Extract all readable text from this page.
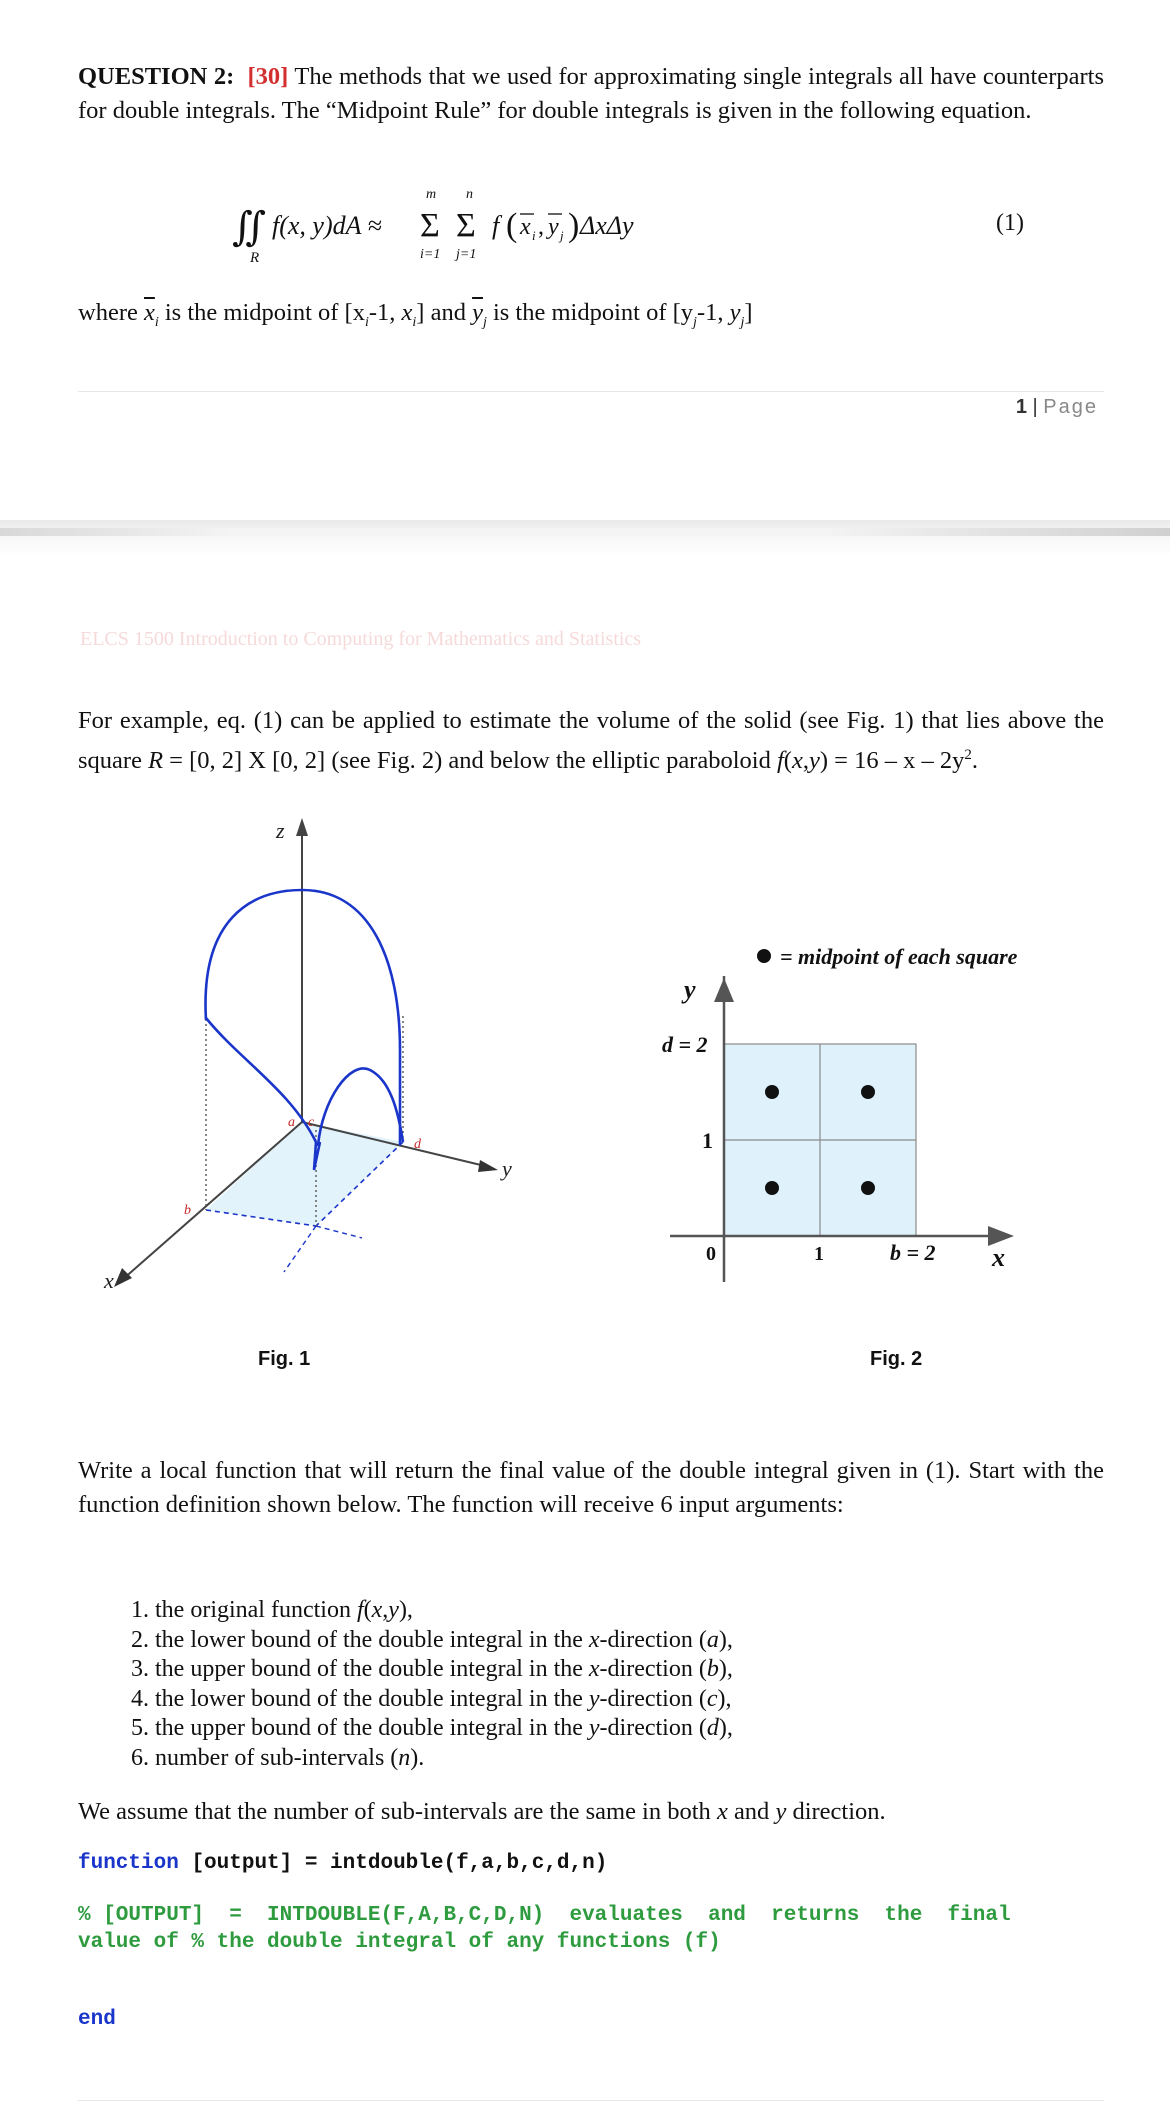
QUESTION 2: [30] The methods that we used for approximating single integrals all have counterparts for double integrals. The “Midpoint Rule” for double integrals is given in the following equation.
∬
R
f(x, y)dA ≈
m n
Σ Σ
i=1 j=1
f ( x i , y j ) ΔxΔy	(1)
where $\overline{x}_i$ is the midpoint of [$x_i-1$, $x_i$] and $\overline{y}_j$ is the midpoint of [$y_j-1$, $y_j$]
1 | Page
ELCS 1500 Introduction to Computing for Mathematics and Statistics
For example, eq. (1) can be applied to estimate the volume of the solid (see Fig. 1) that lies above the square R = [0, 2] X [0, 2] (see Fig. 2) and below the elliptic paraboloid $f(x,y) = 16 - x - 2y^2$.
z
y
x
a c
b
d
Fig. 1
= midpoint of each square
y
d = 2
1
0	1	b = 2 x
Fig. 2
Write a local function that will return the final value of the double integral given in (1). Start with the function definition shown below. The function will receive 6 input arguments:
1. the original function f(x,y),
2. the lower bound of the double integral in the x-direction (a),
3. the upper bound of the double integral in the x-direction (b),
4. the lower bound of the double integral in the y-direction (c),
5. the upper bound of the double integral in the y-direction (d),
6. number of sub-intervals (n).
We assume that the number of sub-intervals are the same in both x and y direction.
function [output] = intdouble(f,a,b,c,d,n)
% [OUTPUT]  =  INTDOUBLE(F,A,B,C,D,N)  evaluates  and  returns  the  final
value of % the double integral of any functions (f)
end
